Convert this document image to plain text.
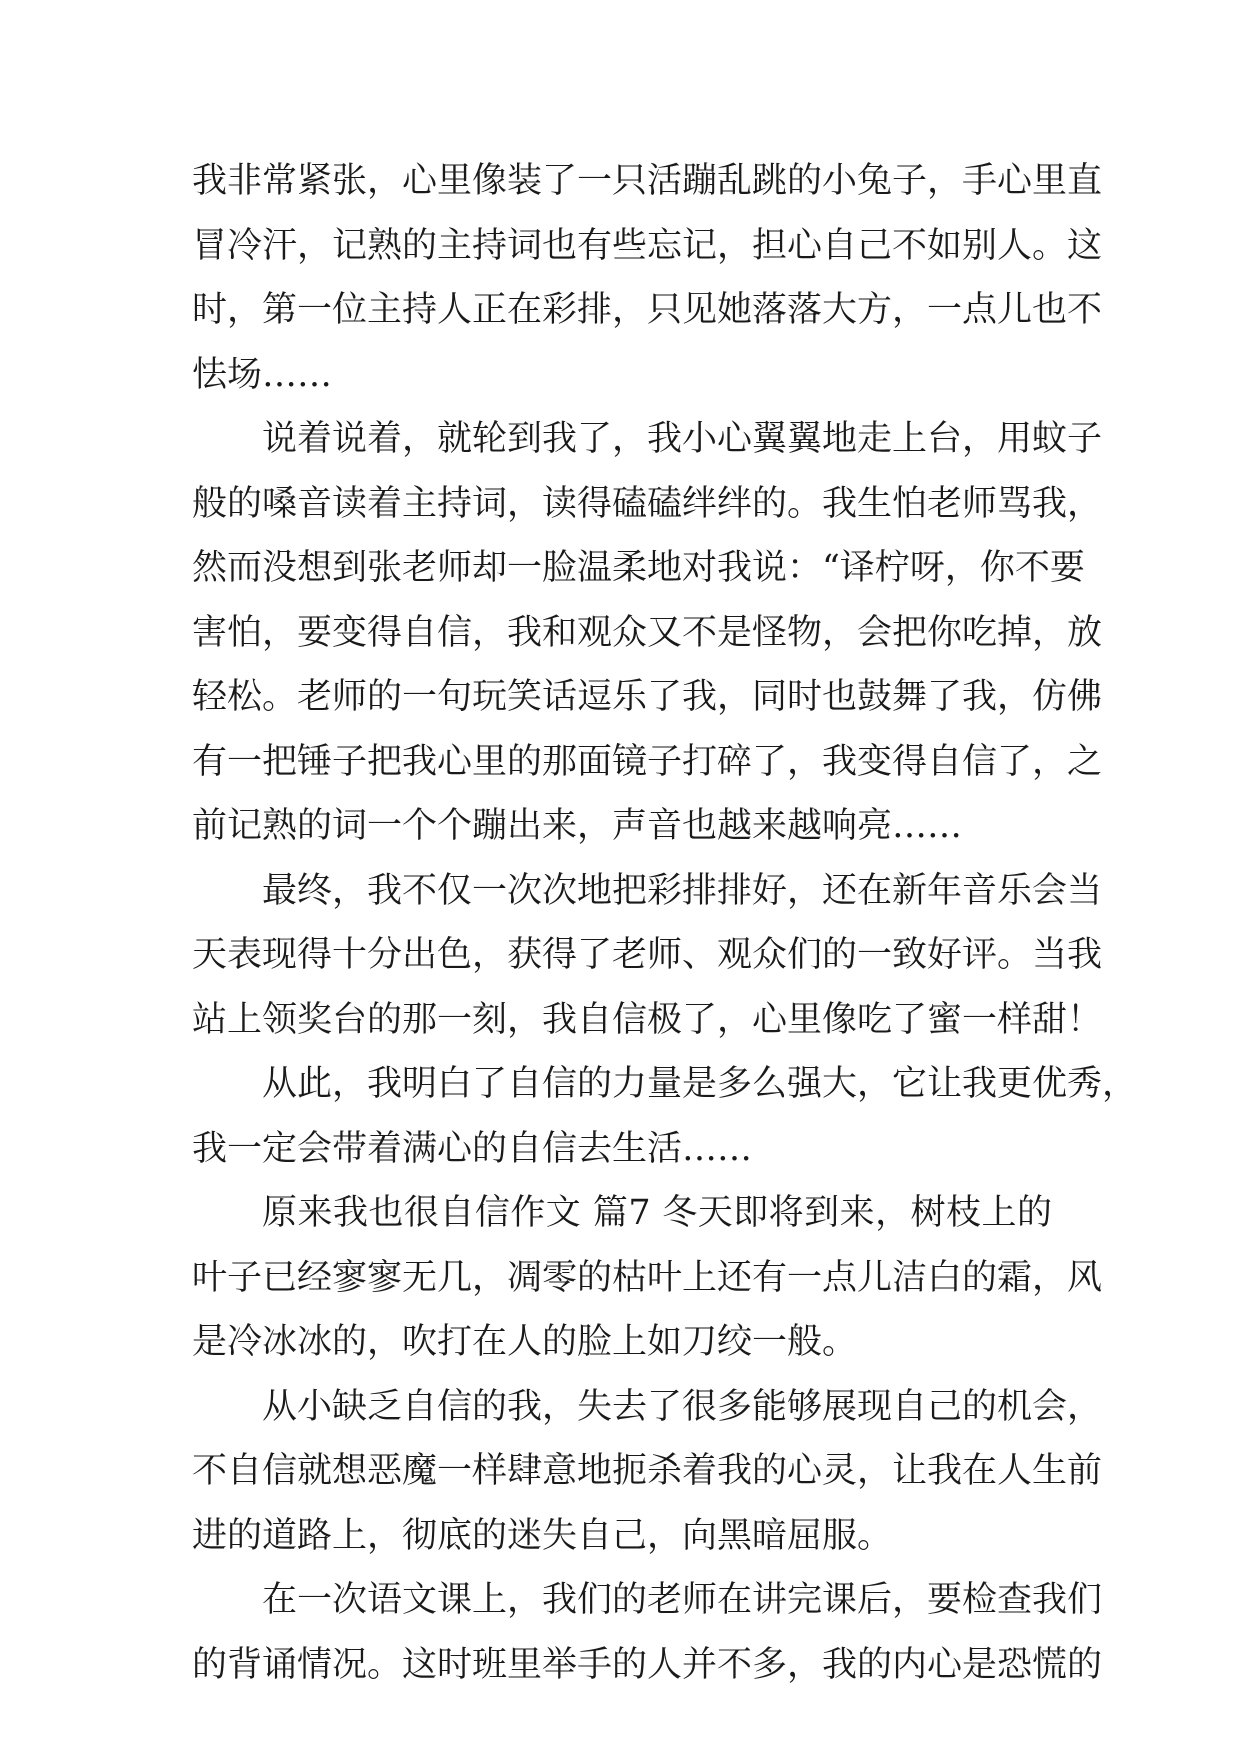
我非常紧张，心里像装了一只活蹦乱跳的小兔子，手心里直
冒冷汗，记熟的主持词也有些忘记，担心自己不如别人。这
时，第一位主持人正在彩排，只见她落落大方，一点儿也不
怯场……
说着说着，就轮到我了，我小心翼翼地走上台，用蚊子
般的嗓音读着主持词，读得磕磕绊绊的。我生怕老师骂我，
然而没想到张老师却一脸温柔地对我说：“译柠呀，你不要
害怕，要变得自信，我和观众又不是怪物，会把你吃掉，放
轻松。老师的一句玩笑话逗乐了我，同时也鼓舞了我，仿佛
有一把锤子把我心里的那面镜子打碎了，我变得自信了，之
前记熟的词一个个蹦出来，声音也越来越响亮……
最终，我不仅一次次地把彩排排好，还在新年音乐会当
天表现得十分出色，获得了老师、观众们的一致好评。当我
站上领奖台的那一刻，我自信极了，心里像吃了蜜一样甜！
从此，我明白了自信的力量是多么强大，它让我更优秀，
我一定会带着满心的自信去生活……
原来我也很自信作文 篇7 冬天即将到来，树枝上的
叶子已经寥寥无几，凋零的枯叶上还有一点儿洁白的霜，风
是冷冰冰的，吹打在人的脸上如刀绞一般。
从小缺乏自信的我，失去了很多能够展现自己的机会，
不自信就想恶魔一样肆意地扼杀着我的心灵，让我在人生前
进的道路上，彻底的迷失自己，向黑暗屈服。
在一次语文课上，我们的老师在讲完课后，要检查我们
的背诵情况。这时班里举手的人并不多，我的内心是恐慌的
